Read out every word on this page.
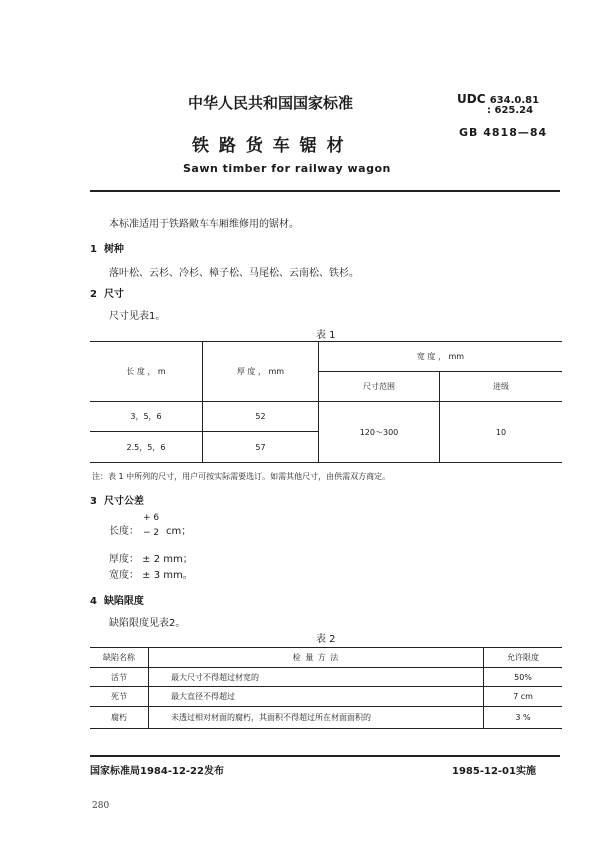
中华人民共和国国家标准	UDC 634.0.81
: 625.24
铁 路 货 车 锯 材
GB 4818—84
Sawn timber for railway wagon
本标准适用于铁路敞车车厢维修用的锯材。
1 树种
落叶松、云杉、冷杉、樟子松、马尾松、云南松、铁杉。
2 尺寸
尺寸见表1。
表 1
长 度 ， m	厚 度 ， mm	宽 度 ， mm	
		尺寸范围	进级
3，5，6	52	120～300	10
2.5，5，6	57		
注：表 1 中所列的尺寸，用户可按实际需要选订。如需其他尺寸，由供需双方商定。
3 尺寸公差
长度：
+ 6
− 2 cm；
厚度： ± 2 mm；
宽度： ± 3 mm。
4 缺陷限度
缺陷限度见表2。
表 2
缺陷名称	检 量 方 法	允许限度
活节	最大尺寸不得超过材宽的	50%
死节	最大直径不得超过	7 cm
腐朽	未透过相对材面的腐朽，其面积不得超过所在材面面积的	3 %
国家标准局1984-12-22发布	1985-12-01实施
280
